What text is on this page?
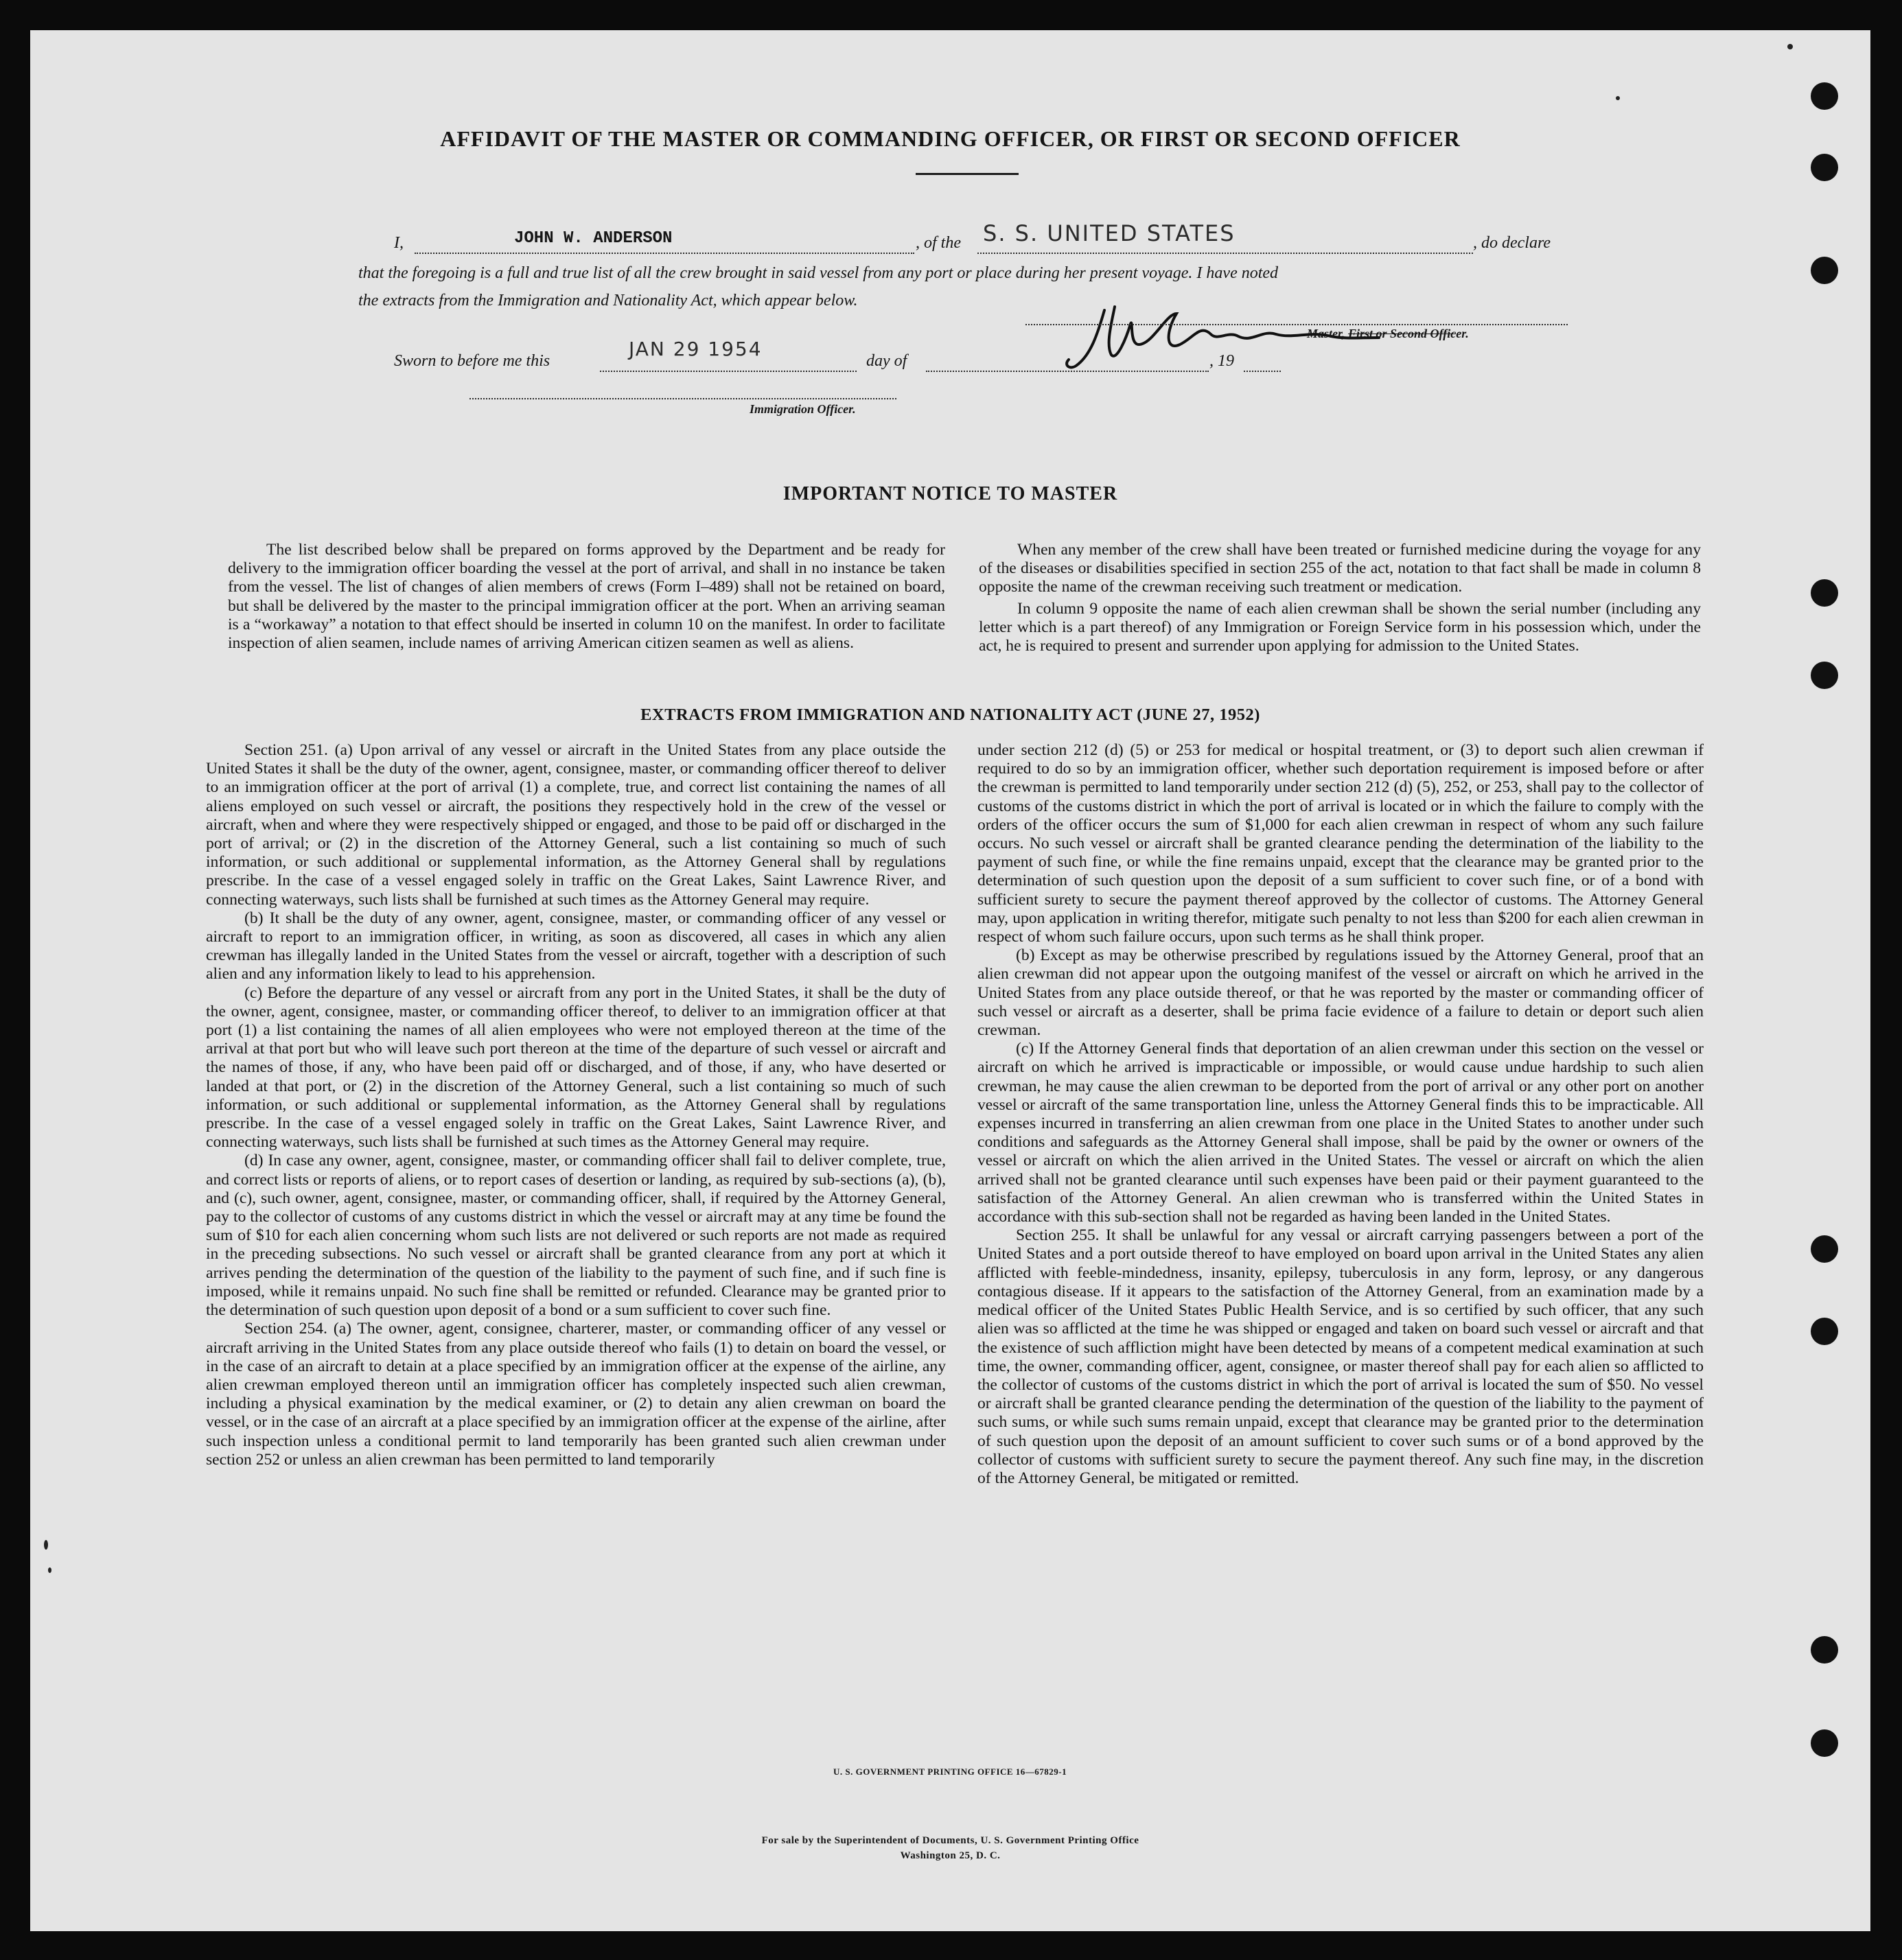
AFFIDAVIT OF THE MASTER OR COMMANDING OFFICER, OR FIRST OR SECOND OFFICER
I,	JOHN W. ANDERSON	, of the S. S. UNITED STATES	, do declare
that the foregoing is a full and true list of all the crew brought in said vessel from any port or place during her present voyage. I have noted
the extracts from the Immigration and Nationality Act, which appear below.
Master, First or Second Officer.
Sworn to before me this
JAN 29 1954
day of	, 19
Immigration Officer.
IMPORTANT NOTICE TO MASTER

The list described below shall be prepared on forms approved by the Department and be ready for delivery to the immigration officer boarding the vessel at the port of arrival, and shall in no instance be taken from the vessel. The list of changes of alien members of crews (Form I–489) shall not be retained on board, but shall be delivered by the master to the principal immigration officer at the port. When an arriving seaman is a “workaway” a notation to that effect should be inserted in column 10 on the manifest. In order to facilitate inspection of alien seamen, include names of arriving American citizen seamen as well as aliens.

When any member of the crew shall have been treated or furnished medicine during the voyage for any of the diseases or disabilities specified in section 255 of the act, notation to that fact shall be made in column 8 opposite the name of the crewman receiving such treatment or medication.

In column 9 opposite the name of each alien crewman shall be shown the serial number (including any letter which is a part thereof) of any Immigration or Foreign Service form in his possession which, under the act, he is required to present and surrender upon applying for admission to the United States.

EXTRACTS FROM IMMIGRATION AND NATIONALITY ACT (JUNE 27, 1952)

Section 251. (a) Upon arrival of any vessel or aircraft in the United States from any place outside the United States it shall be the duty of the owner, agent, consignee, master, or commanding officer thereof to deliver to an immigration officer at the port of arrival (1) a complete, true, and correct list containing the names of all aliens employed on such vessel or aircraft, the positions they respectively hold in the crew of the vessel or aircraft, when and where they were respectively shipped or engaged, and those to be paid off or discharged in the port of arrival; or (2) in the discretion of the Attorney General, such a list containing so much of such information, or such additional or supplemental information, as the Attorney General shall by regulations prescribe. In the case of a vessel engaged solely in traffic on the Great Lakes, Saint Lawrence River, and connecting waterways, such lists shall be furnished at such times as the Attorney General may require.

(b) It shall be the duty of any owner, agent, consignee, master, or commanding officer of any vessel or aircraft to report to an immigration officer, in writing, as soon as discovered, all cases in which any alien crewman has illegally landed in the United States from the vessel or aircraft, together with a description of such alien and any information likely to lead to his apprehension.

(c) Before the departure of any vessel or aircraft from any port in the United States, it shall be the duty of the owner, agent, consignee, master, or commanding officer thereof, to deliver to an immigration officer at that port (1) a list containing the names of all alien employees who were not employed thereon at the time of the arrival at that port but who will leave such port thereon at the time of the departure of such vessel or aircraft and the names of those, if any, who have been paid off or discharged, and of those, if any, who have deserted or landed at that port, or (2) in the discretion of the Attorney General, such a list containing so much of such information, or such additional or supplemental information, as the Attorney General shall by regulations prescribe. In the case of a vessel engaged solely in traffic on the Great Lakes, Saint Lawrence River, and connecting waterways, such lists shall be furnished at such times as the Attorney General may require.

(d) In case any owner, agent, consignee, master, or commanding officer shall fail to deliver complete, true, and correct lists or reports of aliens, or to report cases of desertion or landing, as required by sub-sections (a), (b), and (c), such owner, agent, consignee, master, or commanding officer, shall, if required by the Attorney General, pay to the collector of customs of any customs district in which the vessel or aircraft may at any time be found the sum of $10 for each alien concerning whom such lists are not delivered or such reports are not made as required in the preceding subsections. No such vessel or aircraft shall be granted clearance from any port at which it arrives pending the determination of the question of the liability to the payment of such fine, and if such fine is imposed, while it remains unpaid. No such fine shall be remitted or refunded. Clearance may be granted prior to the determination of such question upon deposit of a bond or a sum sufficient to cover such fine.

Section 254. (a) The owner, agent, consignee, charterer, master, or commanding officer of any vessel or aircraft arriving in the United States from any place outside thereof who fails (1) to detain on board the vessel, or in the case of an aircraft to detain at a place specified by an immigration officer at the expense of the airline, any alien crewman employed thereon until an immigration officer has completely inspected such alien crewman, including a physical examination by the medical examiner, or (2) to detain any alien crewman on board the vessel, or in the case of an aircraft at a place specified by an immigration officer at the expense of the airline, after such inspection unless a conditional permit to land temporarily has been granted such alien crewman under section 252 or unless an alien crewman has been permitted to land temporarily

under section 212 (d) (5) or 253 for medical or hospital treatment, or (3) to deport such alien crewman if required to do so by an immigration officer, whether such deportation requirement is imposed before or after the crewman is permitted to land temporarily under section 212 (d) (5), 252, or 253, shall pay to the collector of customs of the customs district in which the port of arrival is located or in which the failure to comply with the orders of the officer occurs the sum of $1,000 for each alien crewman in respect of whom any such failure occurs. No such vessel or aircraft shall be granted clearance pending the determination of the liability to the payment of such fine, or while the fine remains unpaid, except that the clearance may be granted prior to the determination of such question upon the deposit of a sum sufficient to cover such fine, or of a bond with sufficient surety to secure the payment thereof approved by the collector of customs. The Attorney General may, upon application in writing therefor, mitigate such penalty to not less than $200 for each alien crewman in respect of whom such failure occurs, upon such terms as he shall think proper.

(b) Except as may be otherwise prescribed by regulations issued by the Attorney General, proof that an alien crewman did not appear upon the outgoing manifest of the vessel or aircraft on which he arrived in the United States from any place outside thereof, or that he was reported by the master or commanding officer of such vessel or aircraft as a deserter, shall be prima facie evidence of a failure to detain or deport such alien crewman.

(c) If the Attorney General finds that deportation of an alien crewman under this section on the vessel or aircraft on which he arrived is impracticable or impossible, or would cause undue hardship to such alien crewman, he may cause the alien crewman to be deported from the port of arrival or any other port on another vessel or aircraft of the same transportation line, unless the Attorney General finds this to be impracticable. All expenses incurred in transferring an alien crewman from one place in the United States to another under such conditions and safeguards as the Attorney General shall impose, shall be paid by the owner or owners of the vessel or aircraft on which the alien arrived in the United States. The vessel or aircraft on which the alien arrived shall not be granted clearance until such expenses have been paid or their payment guaranteed to the satisfaction of the Attorney General. An alien crewman who is transferred within the United States in accordance with this sub-section shall not be regarded as having been landed in the United States.

Section 255. It shall be unlawful for any vessal or aircraft carrying passengers between a port of the United States and a port outside thereof to have employed on board upon arrival in the United States any alien afflicted with feeble-mindedness, insanity, epilepsy, tuberculosis in any form, leprosy, or any dangerous contagious disease. If it appears to the satisfaction of the Attorney General, from an examination made by a medical officer of the United States Public Health Service, and is so certified by such officer, that any such alien was so afflicted at the time he was shipped or engaged and taken on board such vessel or aircraft and that the existence of such affliction might have been detected by means of a competent medical examination at such time, the owner, commanding officer, agent, consignee, or master thereof shall pay for each alien so afflicted to the collector of customs of the customs district in which the port of arrival is located the sum of $50. No vessel or aircraft shall be granted clearance pending the determination of the question of the liability to the payment of such sums, or while such sums remain unpaid, except that clearance may be granted prior to the determination of such question upon the deposit of an amount sufficient to cover such sums or of a bond approved by the collector of customs with sufficient surety to secure the payment thereof. Any such fine may, in the discretion of the Attorney General, be mitigated or remitted.

U. S. GOVERNMENT PRINTING OFFICE 16—67829-1
For sale by the Superintendent of Documents, U. S. Government Printing Office
Washington 25, D. C.
